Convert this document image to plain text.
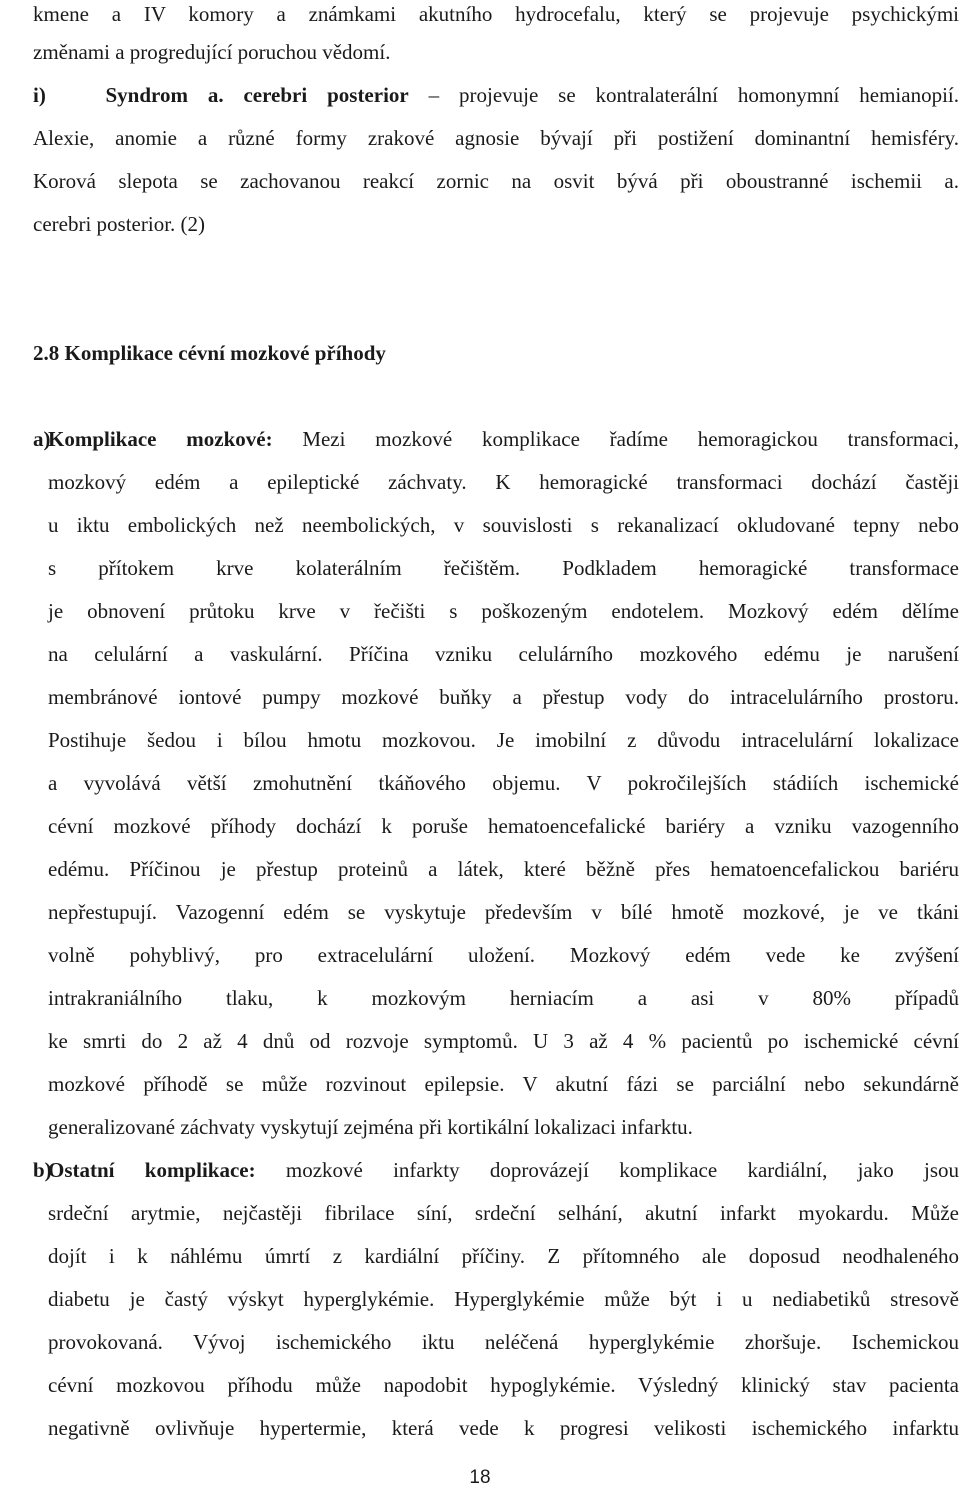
kmene a IV komory a známkami akutního hydrocefalu, který se projevuje psychickými
změnami a progredující poruchou vědomí.
i)	Syndrom a. cerebri posterior – projevuje se kontralaterální homonymní hemianopií.
Alexie, anomie a různé formy zrakové agnosie bývají při postižení dominantní hemisféry.
Korová slepota se zachovanou reakcí zornic na osvit bývá při oboustranné ischemii a.
cerebri posterior. (2)
2.8 Komplikace cévní mozkové příhody
a)
Komplikace mozkové: Mezi mozkové komplikace řadíme hemoragickou transformaci,
mozkový edém a epileptické záchvaty. K hemoragické transformaci dochází častěji
u iktu embolických než neembolických, v souvislosti s rekanalizací okludované tepny nebo
s přítokem krve kolaterálním řečištěm. Podkladem hemoragické transformace
je obnovení průtoku krve v řečišti s poškozeným endotelem. Mozkový edém dělíme
na celulární a vaskulární. Příčina vzniku celulárního mozkového edému je narušení
membránové iontové pumpy mozkové buňky a přestup vody do intracelulárního prostoru.
Postihuje šedou i bílou hmotu mozkovou. Je imobilní z důvodu intracelulární lokalizace
a vyvolává větší zmohutnění tkáňového objemu. V pokročilejších stádiích ischemické
cévní mozkové příhody dochází k poruše hematoencefalické bariéry a vzniku vazogenního
edému. Příčinou je přestup proteinů a látek, které běžně přes hematoencefalickou bariéru
nepřestupují. Vazogenní edém se vyskytuje především v bílé hmotě mozkové, je ve tkáni
volně pohyblivý, pro extracelulární uložení. Mozkový edém vede ke zvýšení
intrakraniálního tlaku, k mozkovým herniacím a asi v 80% případů
ke smrti do 2 až 4 dnů od rozvoje symptomů. U 3 až 4 % pacientů po ischemické cévní
mozkové příhodě se může rozvinout epilepsie. V akutní fázi se parciální nebo sekundárně
generalizované záchvaty vyskytují zejména při kortikální lokalizaci infarktu.
b)
Ostatní komplikace: mozkové infarkty doprovázejí komplikace kardiální, jako jsou
srdeční arytmie, nejčastěji fibrilace síní, srdeční selhání, akutní infarkt myokardu. Může
dojít i k náhlému úmrtí z kardiální příčiny. Z přítomného ale doposud neodhaleného
diabetu je častý výskyt hyperglykémie. Hyperglykémie může být i u nediabetiků stresově
provokovaná. Vývoj ischemického iktu neléčená hyperglykémie zhoršuje. Ischemickou
cévní mozkovou příhodu může napodobit hypoglykémie. Výsledný klinický stav pacienta
negativně ovlivňuje hypertermie, která vede k progresi velikosti ischemického infarktu
18
